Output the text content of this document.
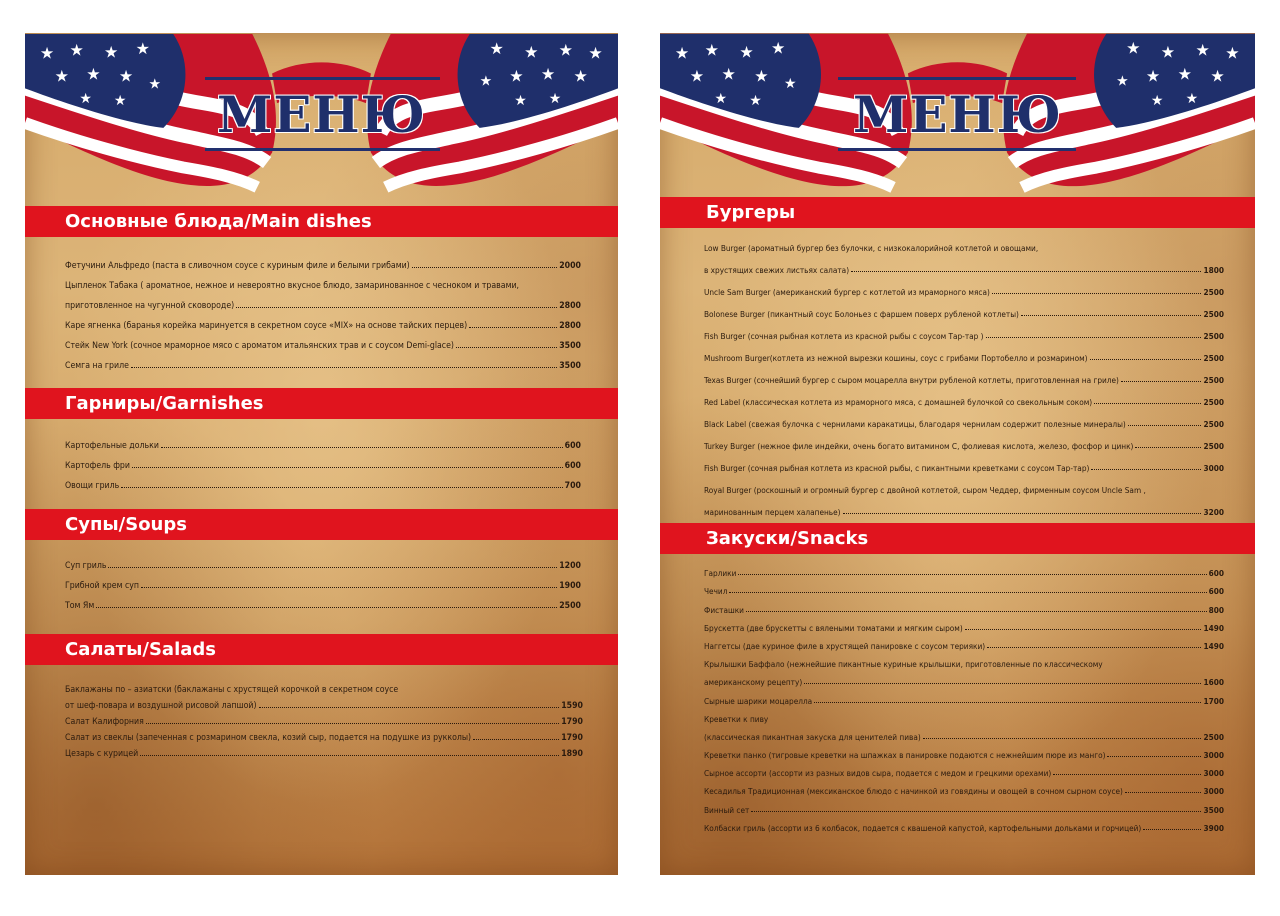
МЕНЮ
Основные блюда/Main dishes
Фетучини Альфредо (паста в сливочном соусе с куриным филе и белыми грибами)	2000
Цыпленок Табака ( ароматное, нежное и невероятно вкусное блюдо, замаринованное с чесноком и травами,
приготовленное на чугунной сковороде)	2800
Каре ягненка (баранья корейка маринуется в секретном соусе «MIX» на основе тайских перцев)	2800
Стейк New York (сочное мраморное мясо с ароматом итальянских трав и с соусом Demi-glace)	3500
Семга на гриле	3500
Гарниры/Garnishes
Картофельные дольки	600
Картофель фри	600
Овощи гриль	700
Супы/Soups
Суп гриль	1200
Грибной крем суп	1900
Том Ям	2500
Салаты/Salads
Баклажаны по – азиатски (баклажаны с хрустящей корочкой в секретном соусе
от шеф-повара и воздушной рисовой лапшой)	1590
Салат Калифорния	1790
Салат из свеклы (запеченная с розмарином свекла, козий сыр, подается на подушке из рукколы)	1790
Цезарь с курицей	1890
МЕНЮ
Бургеры
Low Burger (ароматный бургер без булочки, с низкокалорийной котлетой и овощами,
в хрустящих свежих листьях салата)	1800
Uncle Sam Burger (американский бургер с котлетой из мраморного мяса)	2500
Bolonese Burger (пикантный соус Болоньез с фаршем поверх рубленой котлеты)	2500
Fish Burger (сочная рыбная котлета из красной рыбы с соусом Тар-тар )	2500
Mushroom Burger(котлета из нежной вырезки кошины, соус с грибами Портобелло и розмарином)	2500
Texas Burger (сочнейший бургер с сыром моцарелла внутри рубленой котлеты, приготовленная на гриле)	2500
Red Label (классическая котлета из мраморного мяса, с домашней булочкой со свекольным соком)	2500
Black Label (свежая булочка с чернилами каракатицы, благодаря чернилам содержит полезные минералы)	2500
Turkey Burger (нежное филе индейки, очень богато витамином С, фолиевая кислота, железо, фосфор и цинк)	2500
Fish Burger (сочная рыбная котлета из красной рыбы, с пикантными креветками с соусом Тар-тар)	3000
Royal Burger (роскошный и огромный бургер с двойной котлетой, сыром Чеддер, фирменным соусом Uncle Sam ,
маринованным перцем халапенье)	3200
Закуски/Snacks
Гарлики	600
Чечил	600
Фисташки	800
Брускетта (две брускетты с вялеными томатами и мягким сыром)	1490
Наггетсы (дае куриное филе в хрустящей панировке с соусом терияки)	1490
Крылышки Баффало (нежнейшие пикантные куриные крылышки, приготовленные по классическому
американскому рецепту)	1600
Сырные шарики моцарелла	1700
Креветки к пиву
(классическая пикантная закуска для ценителей пива)	2500
Креветки панко (тигровые креветки на шпажках в панировке подаются с нежнейшим пюре из манго)	3000
Сырное ассорти (ассорти из разных видов сыра, подается с медом и грецкими орехами)	3000
Кесадилья Традиционная (мексиканское блюдо с начинкой из говядины и овощей в сочном сырном соусе)	3000
Винный сет	3500
Колбаски гриль (ассорти из 6 колбасок, подается с квашеной капустой, картофельными дольками и горчицей)	3900
